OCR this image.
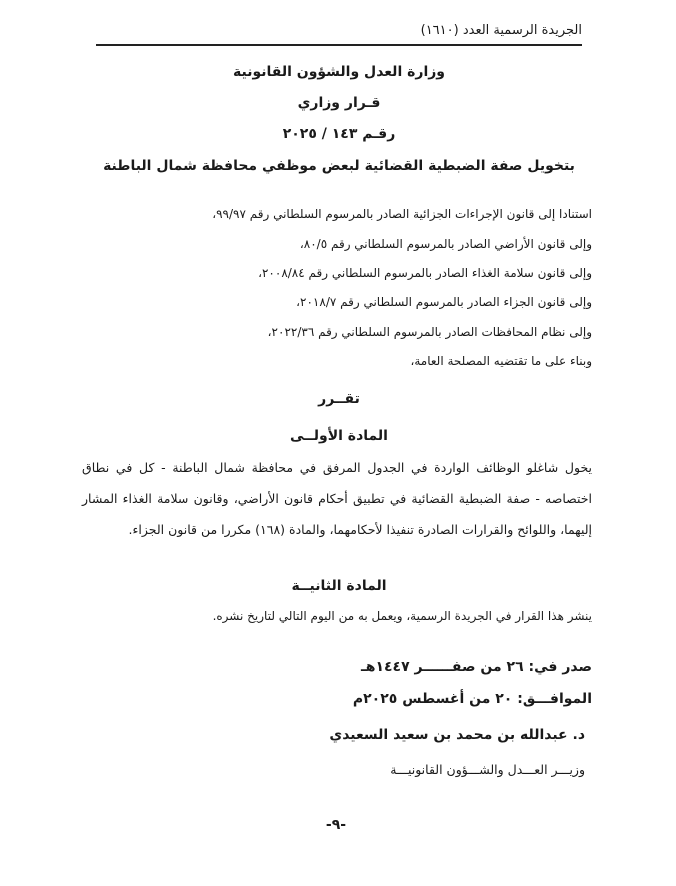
الجريدة الرسمية العدد (١٦١٠)
وزارة العدل والشؤون القانونية
قـرار وزاري
رقـم ١٤٣ / ٢٠٢٥
بتخويل صفة الضبطية القضائية لبعض موظفي محافظة شمال الباطنة
استنادا إلى قانون الإجراءات الجزائية الصادر بالمرسوم السلطاني رقم ٩٩/٩٧،
وإلى قانون الأراضي الصادر بالمرسوم السلطاني رقم ٨٠/٥،
وإلى قانون سلامة الغذاء الصادر بالمرسوم السلطاني رقم ٢٠٠٨/٨٤،
وإلى قانون الجزاء الصادر بالمرسوم السلطاني رقم ٢٠١٨/٧،
وإلى نظام المحافظات الصادر بالمرسوم السلطاني رقم ٢٠٢٢/٣٦،
وبناء على ما تقتضيه المصلحة العامة،
تقــرر
المادة الأولــى
يخول شاغلو الوظائف الواردة في الجدول المرفق في محافظة شمال الباطنة - كل في نطاق اختصاصه - صفة الضبطية القضائية في تطبيق أحكام قانون الأراضي، وقانون سلامة الغذاء المشار إليهما، واللوائح والقرارات الصادرة تنفيذا لأحكامهما، والمادة (١٦٨) مكررا من قانون الجزاء.
المادة الثانيــة
ينشر هذا القرار في الجريدة الرسمية، ويعمل به من اليوم التالي لتاريخ نشره.
صدر في: ٢٦ من صفــــــر ١٤٤٧هـ
الموافـــق: ٢٠ من أغسطس ٢٠٢٥م
د. عبدالله بن محمد بن سعيد السعيدي
وزيـــر العـــدل والشـــؤون القانونيـــة
-٩-
